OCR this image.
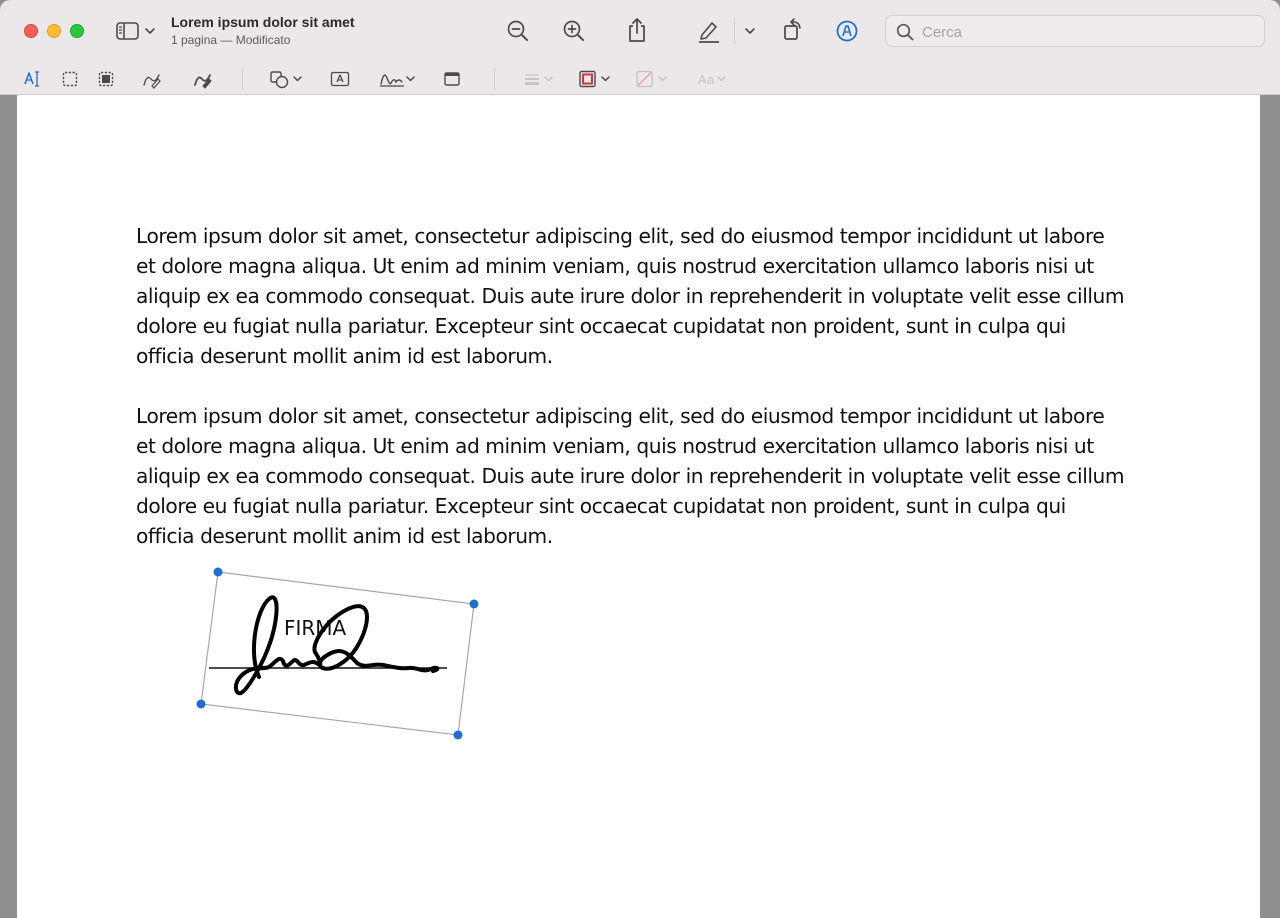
Lorem ipsum dolor sit amet
1 pagina — Modificato	Cerca
Aa
Lorem ipsum dolor sit amet, consectetur adipiscing elit, sed do eiusmod tempor incididunt ut labore et dolore magna aliqua. Ut enim ad minim veniam, quis nostrud exercitation ullamco laboris nisi ut aliquip ex ea commodo consequat. Duis aute irure dolor in reprehenderit in voluptate velit esse cillum dolore eu fugiat nulla pariatur. Excepteur sint occaecat cupidatat non proident, sunt in culpa qui officia deserunt mollit anim id est laborum.
Lorem ipsum dolor sit amet, consectetur adipiscing elit, sed do eiusmod tempor incididunt ut labore et dolore magna aliqua. Ut enim ad minim veniam, quis nostrud exercitation ullamco laboris nisi ut aliquip ex ea commodo consequat. Duis aute irure dolor in reprehenderit in voluptate velit esse cillum dolore eu fugiat nulla pariatur. Excepteur sint occaecat cupidatat non proident, sunt in culpa qui officia deserunt mollit anim id est laborum.
FIRMA
